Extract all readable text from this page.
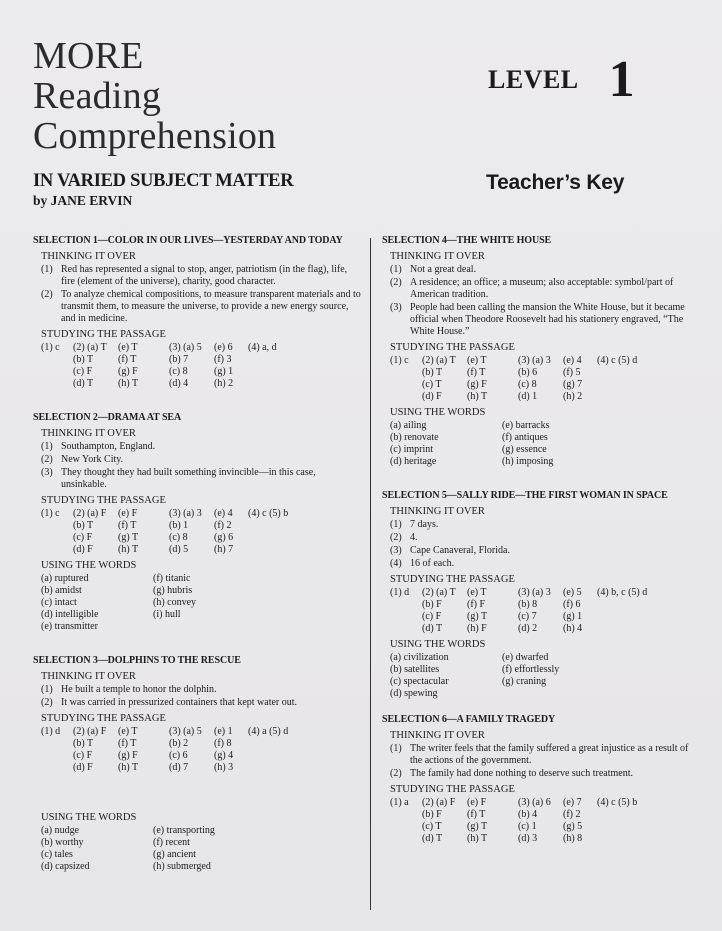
MORE
Reading
Comprehension
IN VARIED SUBJECT MATTER
by JANE ERVIN
LEVEL 1
Teacher’s Key
SELECTION 1—COLOR IN OUR LIVES—YESTERDAY AND TODAY
THINKING IT OVER
(1) Red has represented a signal to stop, anger, patriotism (in the flag), life, fire (element of the universe), charity, good character.
(2) To analyze chemical compositions, to measure transparent materials and to transmit them, to measure the universe, to provide a new energy source, and in medicine.
STUDYING THE PASSAGE
(1) c	(2) (a) T	(e) T	(3) (a) 5	(e) 6	(4) a, d
(b) T	(f) T	(b) 7	(f) 3
(c) F	(g) F	(c) 8	(g) 1
(d) T	(h) T	(d) 4	(h) 2
SELECTION 2—DRAMA AT SEA
THINKING IT OVER
(1) Southampton, England.
(2) New York City.
(3) They thought they had built something invincible—in this case, unsinkable.
STUDYING THE PASSAGE
(1) c	(2) (a) F	(e) F	(3) (a) 3	(e) 4	(4) c (5) b
(b) T	(f) T	(b) 1	(f) 2
(c) F	(g) T	(c) 8	(g) 6
(d) F	(h) T	(d) 5	(h) 7
USING THE WORDS
(a) ruptured	(f) titanic
(b) amidst	(g) hubris
(c) intact	(h) convey
(d) intelligible	(i) hull
(e) transmitter
SELECTION 3—DOLPHINS TO THE RESCUE
THINKING IT OVER
(1) He built a temple to honor the dolphin.
(2) It was carried in pressurized containers that kept water out.
STUDYING THE PASSAGE
(1) d	(2) (a) F	(e) T	(3) (a) 5	(e) 1	(4) a (5) d
(b) T	(f) T	(b) 2	(f) 8
(c) F	(g) F	(c) 6	(g) 4
(d) F	(h) T	(d) 7	(h) 3
USING THE WORDS
(a) nudge	(e) transporting
(b) worthy	(f) recent
(c) tales	(g) ancient
(d) capsized	(h) submerged
SELECTION 4—THE WHITE HOUSE
THINKING IT OVER
(1) Not a great deal.
(2) A residence; an office; a museum; also acceptable: symbol/part of American tradition.
(3) People had been calling the mansion the White House, but it became official when Theodore Roosevelt had his stationery engraved, “The White House.”
STUDYING THE PASSAGE
(1) c	(2) (a) T	(e) T	(3) (a) 3	(e) 4	(4) c (5) d
(b) T	(f) T	(b) 6	(f) 5
(c) T	(g) F	(c) 8	(g) 7
(d) F	(h) T	(d) 1	(h) 2
USING THE WORDS
(a) ailing	(e) barracks
(b) renovate	(f) antiques
(c) imprint	(g) essence
(d) heritage	(h) imposing
SELECTION 5—SALLY RIDE—THE FIRST WOMAN IN SPACE
THINKING IT OVER
(1) 7 days.
(2) 4.
(3) Cape Canaveral, Florida.
(4) 16 of each.
STUDYING THE PASSAGE
(1) d	(2) (a) T	(e) T	(3) (a) 3	(e) 5	(4) b, c (5) d
(b) F	(f) F	(b) 8	(f) 6
(c) F	(g) T	(c) 7	(g) 1
(d) T	(h) F	(d) 2	(h) 4
USING THE WORDS
(a) civilization	(e) dwarfed
(b) satellites	(f) effortlessly
(c) spectacular	(g) craning
(d) spewing
SELECTION 6—A FAMILY TRAGEDY
THINKING IT OVER
(1) The writer feels that the family suffered a great injustice as a result of the actions of the government.
(2) The family had done nothing to deserve such treatment.
STUDYING THE PASSAGE
(1) a	(2) (a) F	(e) F	(3) (a) 6	(e) 7	(4) c (5) b
(b) F	(f) T	(b) 4	(f) 2
(c) T	(g) T	(c) 1	(g) 5
(d) T	(h) T	(d) 3	(h) 8
